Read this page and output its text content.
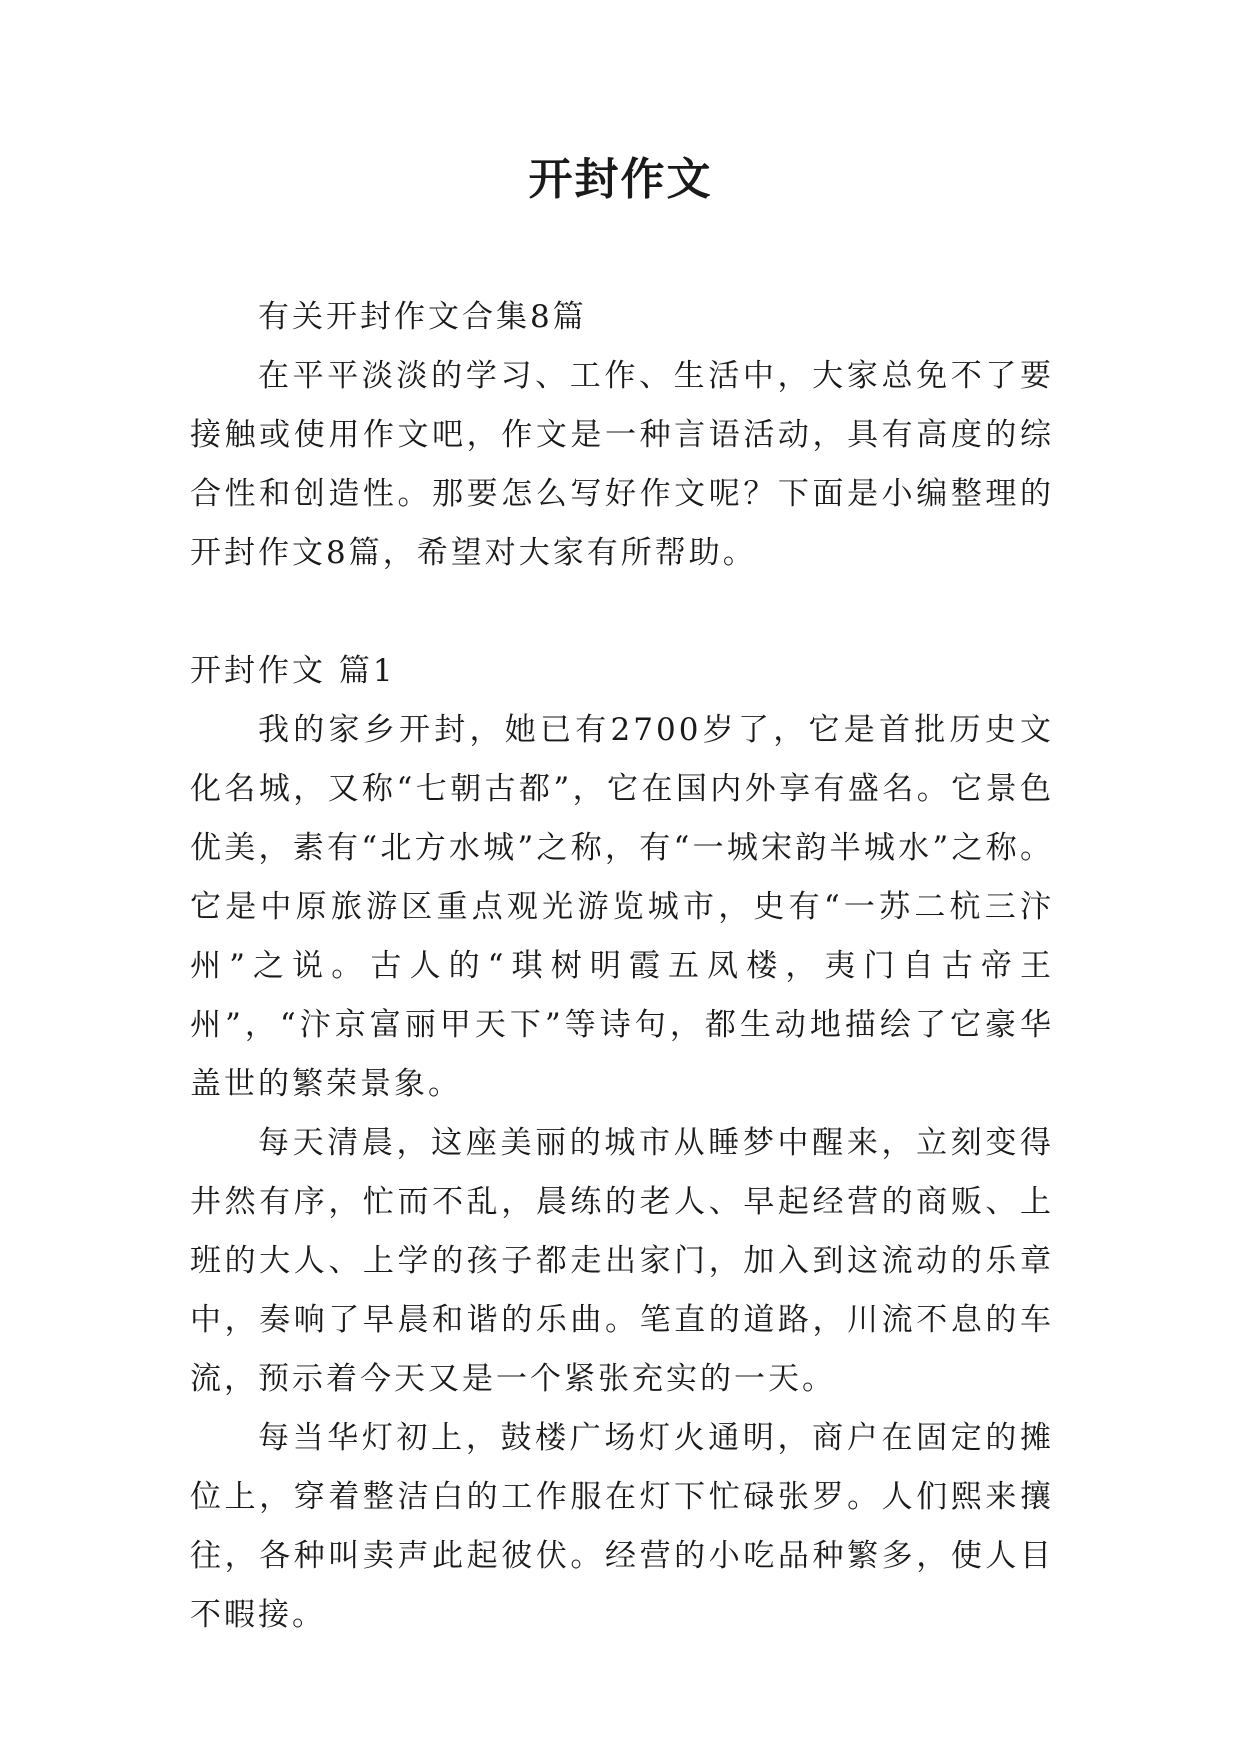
开封作文

有关开封作文合集8篇

在平平淡淡的学习、工作、生活中，大家总免不了要接触或使用作文吧，作文是一种言语活动，具有高度的综合性和创造性。那要怎么写好作文呢？下面是小编整理的开封作文8篇，希望对大家有所帮助。

开封作文 篇1

我的家乡开封，她已有2700岁了，它是首批历史文化名城，又称“七朝古都”，它在国内外享有盛名。它景色优美，素有“北方水城”之称，有“一城宋韵半城水”之称。它是中原旅游区重点观光游览城市，史有“一苏二杭三汴州”之说。古人的“琪树明霞五凤楼，夷门自古帝王州”，“汴京富丽甲天下”等诗句，都生动地描绘了它豪华盖世的繁荣景象。

每天清晨，这座美丽的城市从睡梦中醒来，立刻变得井然有序，忙而不乱，晨练的老人、早起经营的商贩、上班的大人、上学的孩子都走出家门，加入到这流动的乐章中，奏响了早晨和谐的乐曲。笔直的道路，川流不息的车流，预示着今天又是一个紧张充实的一天。

每当华灯初上，鼓楼广场灯火通明，商户在固定的摊位上，穿着整洁白的工作服在灯下忙碌张罗。人们熙来攘往，各种叫卖声此起彼伏。经营的小吃品种繁多，使人目不暇接。
